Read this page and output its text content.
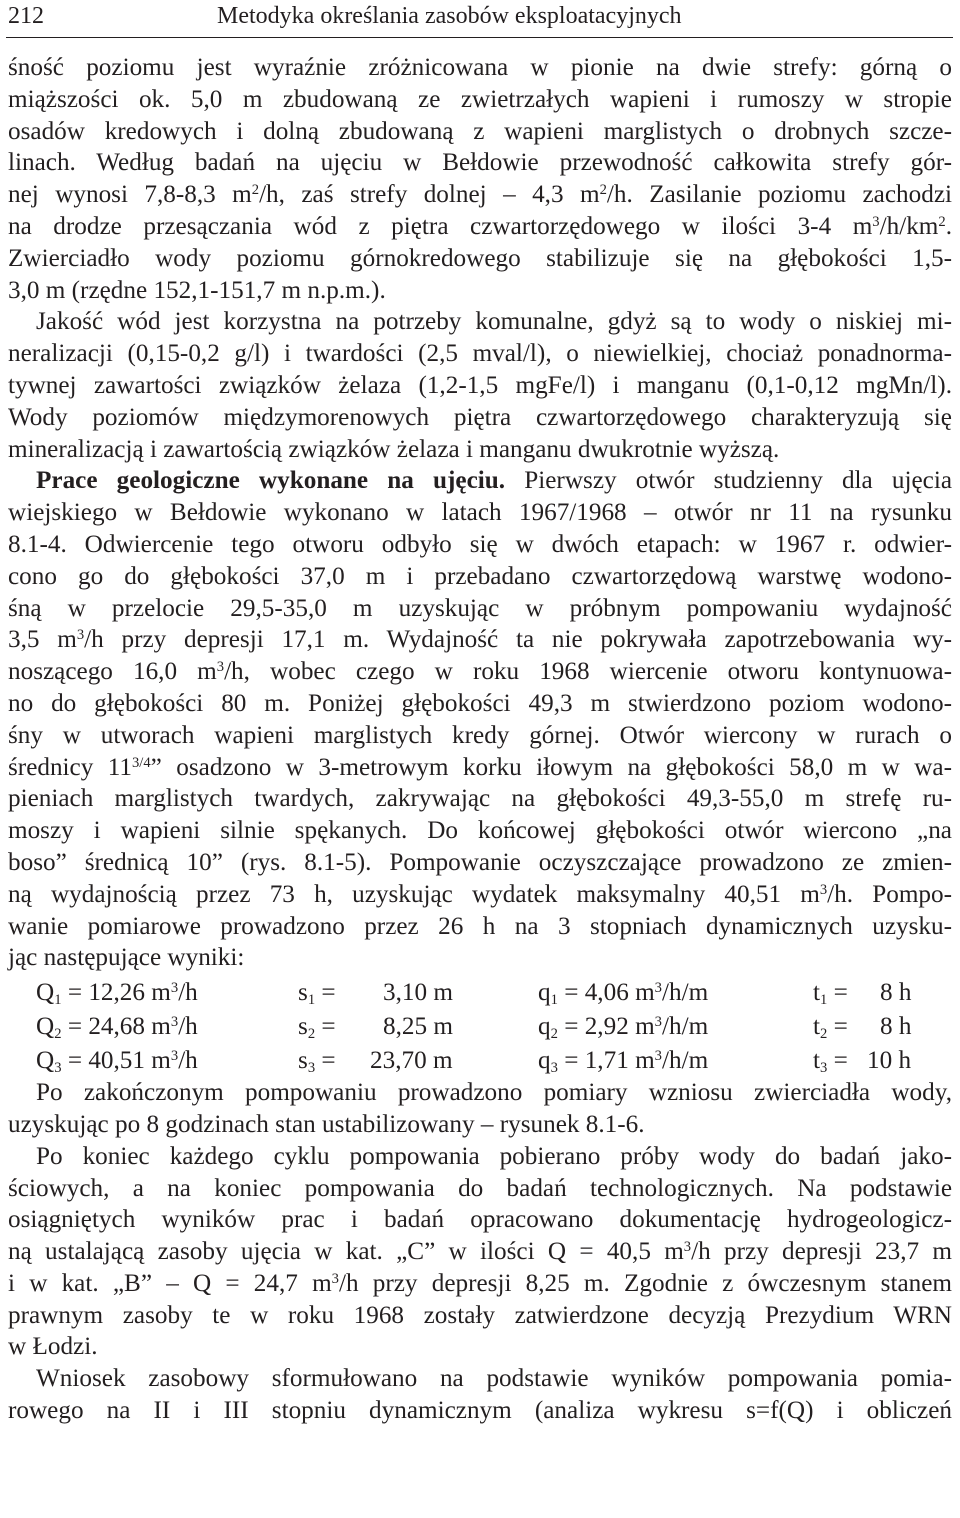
212	Metodyka określania zasobów eksploatacyjnych
śność poziomu jest wyraźnie zróżnicowana w pionie na dwie strefy: górną o
miąższości ok. 5,0 m zbudowaną ze zwietrzałych wapieni i rumoszy w stropie
osadów kredowych i dolną zbudowaną z wapieni marglistych o drobnych szcze-
linach. Według badań na ujęciu w Bełdowie przewodność całkowita strefy gór-
nej wynosi 7,8-8,3 $m^2/h$, zaś strefy dolnej – 4,3 $m^2/h$. Zasilanie poziomu zachodzi
na drodze przesączania wód z piętra czwartorzędowego w ilości 3-4 $m^3/h/km^2$.
Zwierciadło wody poziomu górnokredowego stabilizuje się na głębokości 1,5-
3,0 m (rzędne 152,1-151,7 m n.p.m.).
Jakość wód jest korzystna na potrzeby komunalne, gdyż są to wody o niskiej mi-
neralizacji (0,15-0,2 g/l) i twardości (2,5 mval/l), o niewielkiej, chociaż ponadnorma-
tywnej zawartości związków żelaza (1,2-1,5 mgFe/l) i manganu (0,1-0,12 mgMn/l).
Wody poziomów międzymorenowych piętra czwartorzędowego charakteryzują się
mineralizacją i zawartością związków żelaza i manganu dwukrotnie wyższą.
Prace geologiczne wykonane na ujęciu. Pierwszy otwór studzienny dla ujęcia
wiejskiego w Bełdowie wykonano w latach 1967/1968 – otwór nr 11 na rysunku
8.1-4. Odwiercenie tego otworu odbyło się w dwóch etapach: w 1967 r. odwier-
cono go do głębokości 37,0 m i przebadano czwartorzędową warstwę wodono-
śną w przelocie 29,5-35,0 m uzyskując w próbnym pompowaniu wydajność
3,5 $m^3/h$ przy depresji 17,1 m. Wydajność ta nie pokrywała zapotrzebowania wy-
noszącego 16,0 $m^3/h$, wobec czego w roku 1968 wiercenie otworu kontynuowa-
no do głębokości 80 m. Poniżej głębokości 49,3 m stwierdzono poziom wodono-
śny w utworach wapieni marglistych kredy górnej. Otwór wiercony w rurach o
średnicy $11^{3/4}$” osadzono w 3-metrowym korku iłowym na głębokości 58,0 m w wa-
pieniach marglistych twardych, zakrywając na głębokości 49,3-55,0 m strefę ru-
moszy i wapieni silnie spękanych. Do końcowej głębokości otwór wiercono „na
boso” średnicą 10” (rys. 8.1-5). Pompowanie oczyszczające prowadzono ze zmien-
ną wydajnością przez 73 h, uzyskując wydatek maksymalny 40,51 $m^3/h$. Pompo-
wanie pomiarowe prowadzono przez 26 h na 3 stopniach dynamicznych uzysku-
jąc następujące wyniki:
$Q_1 = 12,26$ $m^3/h$	$s_1 = 3,10$ m	$q_1 = 4,06$ $m^3/h/m$	$t_1 = 8$ h
$Q_2 = 24,68$ $m^3/h$	$s_2 = 8,25$ m	$q_2 = 2,92$ $m^3/h/m$	$t_2 = 8$ h
$Q_3 = 40,51$ $m^3/h$	$s_3 = 23,70$ m	$q_3 = 1,71$ $m^3/h/m$	$t_3 = 10$ h
Po zakończonym pompowaniu prowadzono pomiary wzniosu zwierciadła wody,
uzyskując po 8 godzinach stan ustabilizowany – rysunek 8.1-6.
Po koniec każdego cyklu pompowania pobierano próby wody do badań jako-
ściowych, a na koniec pompowania do badań technologicznych. Na podstawie
osiągniętych wyników prac i badań opracowano dokumentację hydrogeologicz-
ną ustalającą zasoby ujęcia w kat. „C” w ilości Q = 40,5 $m^3/h$ przy depresji 23,7 m
i w kat. „B” – Q = 24,7 $m^3/h$ przy depresji 8,25 m. Zgodnie z ówczesnym stanem
prawnym zasoby te w roku 1968 zostały zatwierdzone decyzją Prezydium WRN
w Łodzi.
Wniosek zasobowy sformułowano na podstawie wyników pompowania pomia-
rowego na II i III stopniu dynamicznym (analiza wykresu s=f(Q) i obliczeń
